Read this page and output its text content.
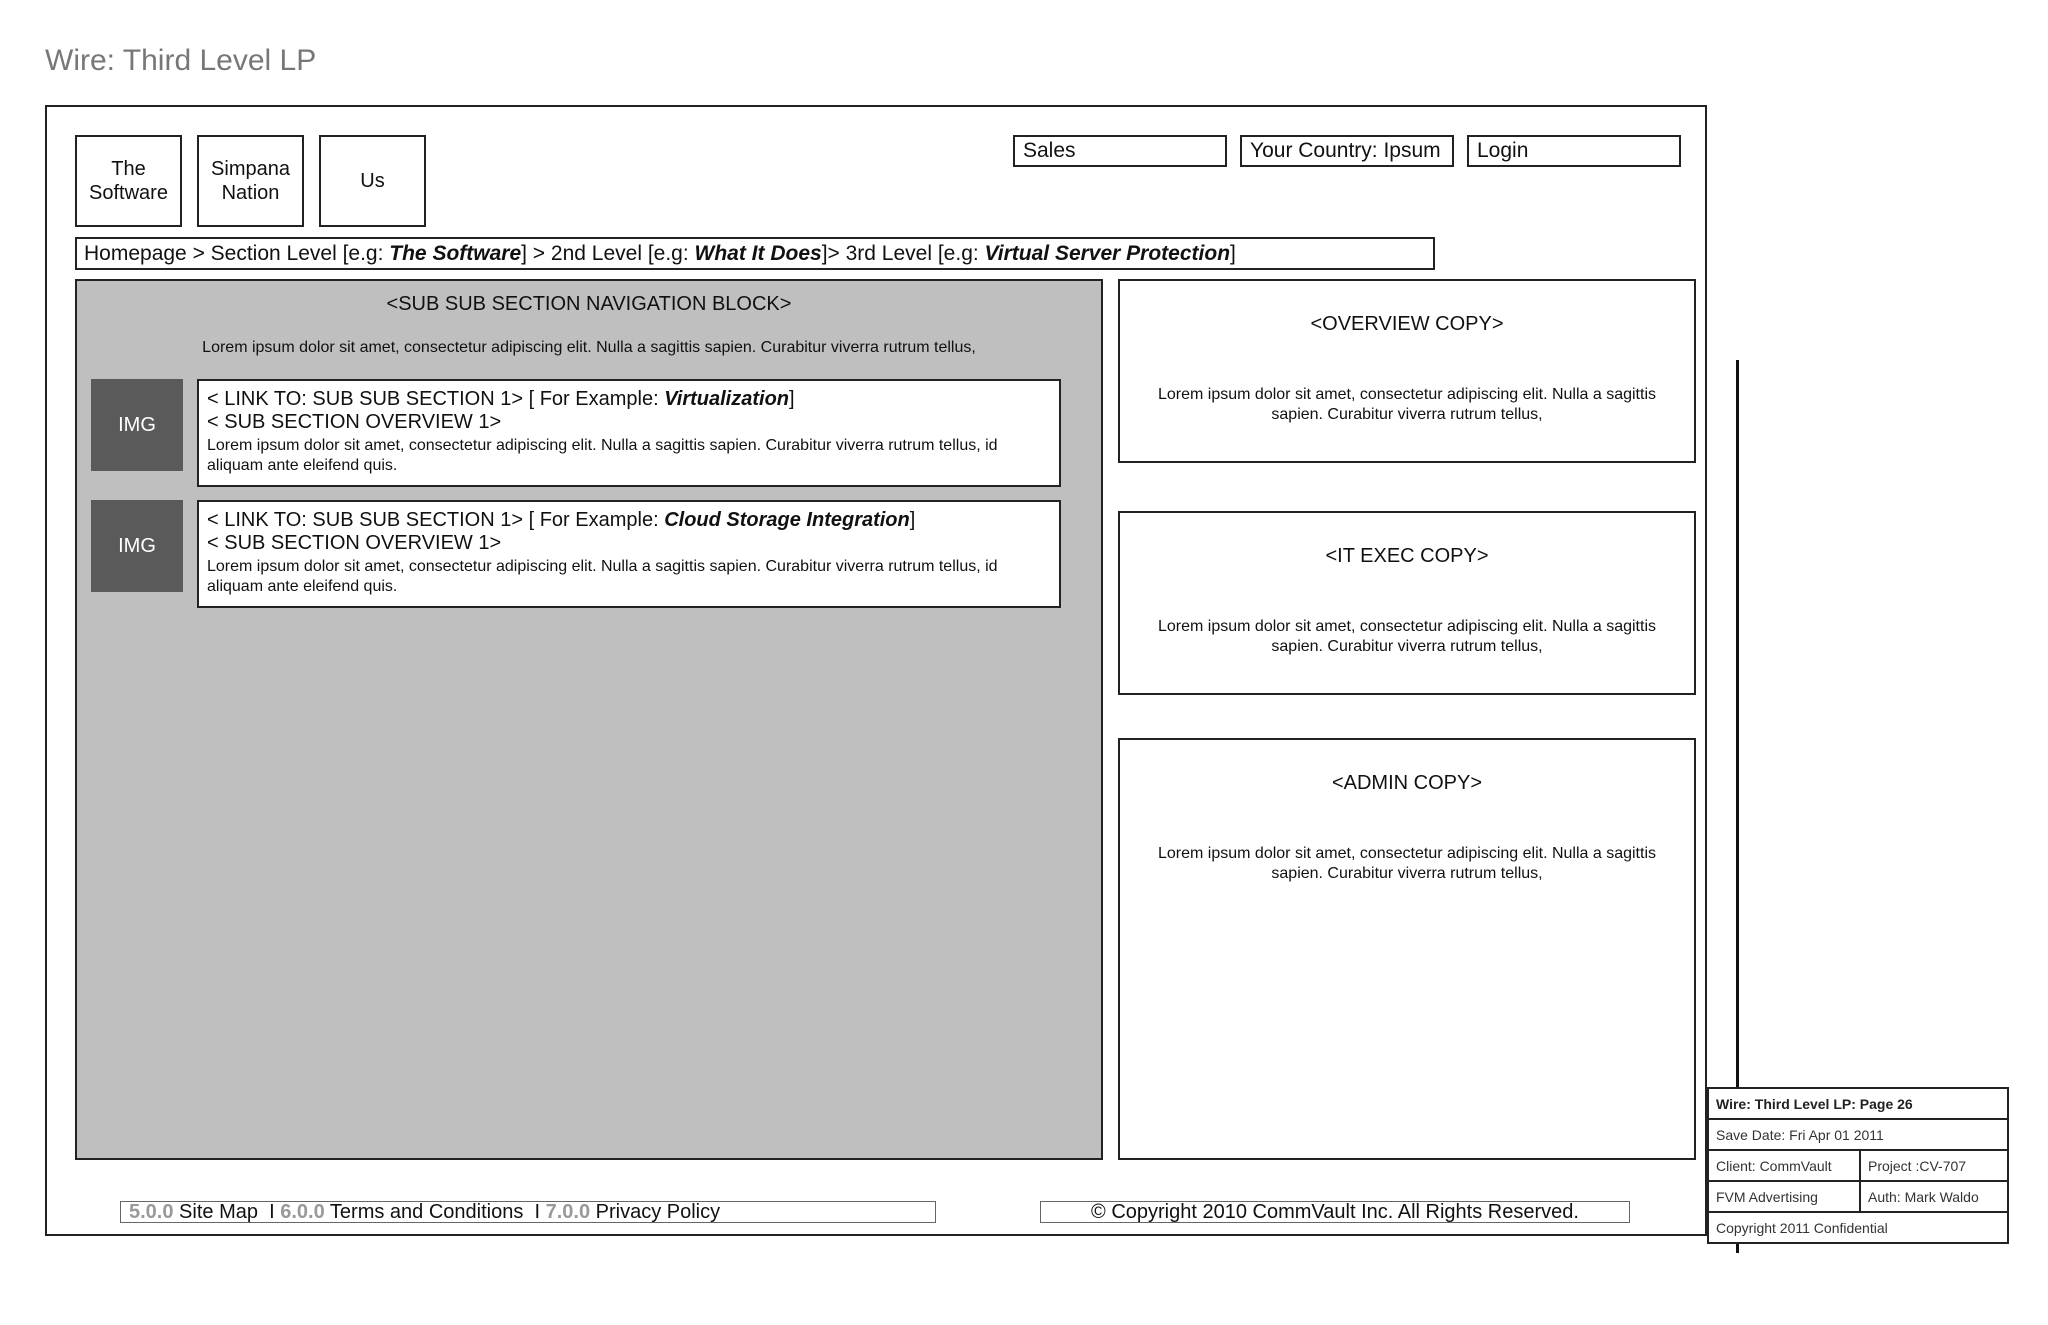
Wire: Third Level LP
The
Software
Simpana
Nation
Us
Sales	Your Country: Ipsum	Login
Homepage > Section Level [e.g: The Software] > 2nd Level [e.g: What It Does]> 3rd Level [e.g: Virtual Server Protection]
<SUB SUB SECTION NAVIGATION BLOCK>
Lorem ipsum dolor sit amet, consectetur adipiscing elit. Nulla a sagittis sapien. Curabitur viverra rutrum tellus,
IMG
< LINK TO: SUB SUB SECTION 1> [ For Example: Virtualization]
< SUB SECTION OVERVIEW 1>
Lorem ipsum dolor sit amet, consectetur adipiscing elit. Nulla a sagittis sapien. Curabitur viverra rutrum tellus, id aliquam ante eleifend quis.
IMG
< LINK TO: SUB SUB SECTION 1> [ For Example: Cloud Storage Integration]
< SUB SECTION OVERVIEW 1>
Lorem ipsum dolor sit amet, consectetur adipiscing elit. Nulla a sagittis sapien. Curabitur viverra rutrum tellus, id aliquam ante eleifend quis.
<OVERVIEW COPY>
Lorem ipsum dolor sit amet, consectetur adipiscing elit. Nulla a sagittis sapien. Curabitur viverra rutrum tellus,
<IT EXEC COPY>
Lorem ipsum dolor sit amet, consectetur adipiscing elit. Nulla a sagittis sapien. Curabitur viverra rutrum tellus,
<ADMIN COPY>
Lorem ipsum dolor sit amet, consectetur adipiscing elit. Nulla a sagittis sapien. Curabitur viverra rutrum tellus,
5.0.0 Site Map I 6.0.0 Terms and Conditions I 7.0.0 Privacy Policy	© Copyright 2010 CommVault Inc. All Rights Reserved.
Wire: Third Level LP: Page 26
Save Date: Fri Apr 01 2011
Client: CommVault	Project :CV-707
FVM Advertising	Auth: Mark Waldo
Copyright 2011 Confidential
